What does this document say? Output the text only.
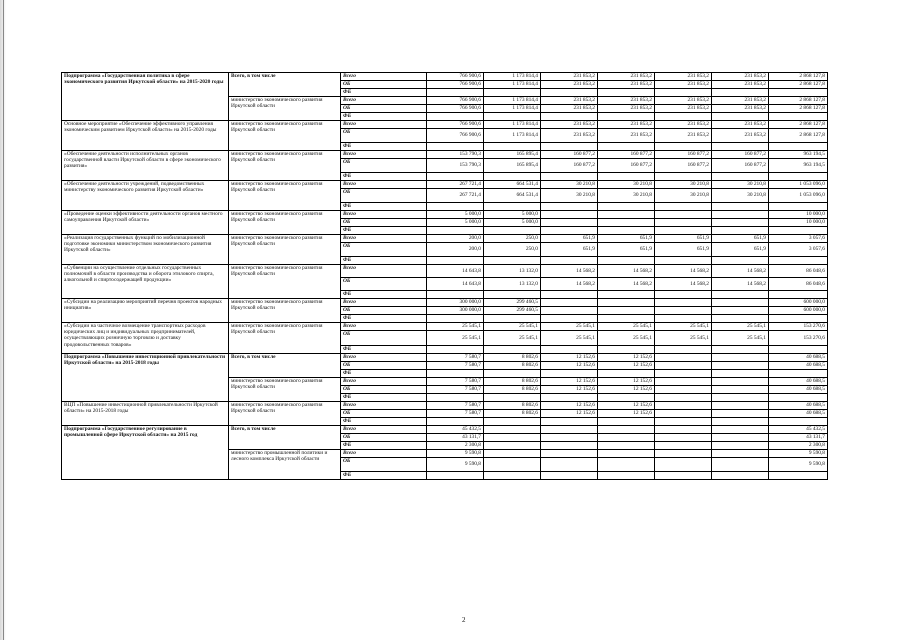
Подпрограмма «Государственная политика в сфере экономического развития Иркутской области» на 2015-2020 годы	Всего, в том числе	Всего	766 900,6	1 173 814,4	231 853,2	231 853,2	231 853,2	231 853,2	2 868 127,8
		ОБ	766 900,6	1 173 814,4	231 853,2	231 853,2	231 853,2	231 853,2	2 868 127,8
		ФБ							
	министерство экономического развития Иркутской области	Всего	766 900,6	1 173 814,4	231 853,2	231 853,2	231 853,2	231 853,2	2 868 127,8
		ОБ	766 900,6	1 173 814,4	231 853,2	231 853,2	231 853,2	231 853,2	2 868 127,8
		ФБ							
Основное мероприятие «Обеспечение эффективного управления экономическим развитием Иркутской области» на 2015-2020 годы	министерство экономического развития Иркутской области	Всего	766 900,6	1 173 814,4	231 853,2	231 853,2	231 853,2	231 853,2	2 868 127,8
		ОБ	766 900,6	1 173 814,4	231 853,2	231 853,2	231 853,2	231 853,2	2 868 127,8
		ФБ							
«Обеспечение деятельности исполнительных органов государственной власти Иркутской области в сфере экономического развития»	министерство экономического развития Иркутской области	Всего	153 790,3	165 895,4	160 877,2	160 877,2	160 877,2	160 877,2	963 194,5
		ОБ	153 790,3	165 895,4	160 877,2	160 877,2	160 877,2	160 877,2	963 194,5
		ФБ							
«Обеспечение деятельности учреждений, подведомственных министерству экономического развития Иркутской области»	министерство экономического развития Иркутской области	Всего	267 721,4	664 531,4	30 210,8	30 210,8	30 210,8	30 210,8	1 053 096,0
		ОБ	267 721,4	664 531,4	30 210,8	30 210,8	30 210,8	30 210,8	1 053 096,0
		ФБ							
«Проведение оценки эффективности деятельности органов местного самоуправления Иркутской области»	министерство экономического развития Иркутской области	Всего	5 000,0	5 000,0					10 000,0
		ОБ	5 000,0	5 000,0					10 000,0
		ФБ							
«Реализация государственных функций по мобилизационной подготовке экономики министерством экономического развития Иркутской области»	министерство экономического развития Иркутской области	Всего	200,0	250,0	651,9	651,9	651,9	651,9	3 057,6
		ОБ	200,0	250,0	651,9	651,9	651,9	651,9	3 057,6
		ФБ							
«Субвенции на осуществление отдельных государственных полномочий в области производства и оборота этилового спирта, алкогольной и спиртосодержащей продукции»	министерство экономического развития Иркутской области	Всего	14 643,8	13 132,0	14 568,2	14 568,2	14 568,2	14 568,2	86 048,6
		ОБ	14 643,8	13 132,0	14 568,2	14 568,2	14 568,2	14 568,2	86 048,6
		ФБ							
«Субсидии на реализацию мероприятий перечня проектов народных инициатив»	министерство экономического развития Иркутской области	Всего	300 000,0	299 460,5					600 000,0
		ОБ	300 000,0	299 460,5					600 000,0
		ФБ							
«Субсидии на частичное возмещение транспортных расходов юридических лиц и индивидуальных предпринимателей, осуществляющих розничную торговлю и доставку продовольственных товаров»	министерство экономического развития Иркутской области	Всего	25 545,1	25 545,1	25 545,1	25 545,1	25 545,1	25 545,1	153 270,6
		ОБ	25 545,1	25 545,1	25 545,1	25 545,1	25 545,1	25 545,1	153 270,6
		ФБ							
Подпрограмма «Повышение инвестиционной привлекательности Иркутской области» на 2015-2018 годы	Всего, в том числе	Всего	7 580,7	8 802,6	12 152,6	12 152,6			40 688,5
		ОБ	7 580,7	8 802,6	12 152,6	12 152,6			40 688,5
		ФБ							
	министерство экономического развития Иркутской области	Всего	7 580,7	8 802,6	12 152,6	12 152,6			40 688,5
		ОБ	7 580,7	8 802,6	12 152,6	12 152,6			40 688,5
		ФБ							
ВЦП «Повышение инвестиционной привлекательности Иркутской области» на 2015-2018 годы	министерство экономического развития Иркутской области	Всего	7 580,7	8 802,6	12 152,6	12 152,6			40 688,5
		ОБ	7 580,7	8 802,6	12 152,6	12 152,6			40 688,5
		ФБ							
Подпрограмма «Государственное регулирование в промышленной сфере Иркутской области» на 2015 год	Всего, в том числе	Всего	45 432,5						45 432,5
		ОБ	43 131,7						43 131,7
		ФБ	2 300,8						2 300,8
	министерство промышленной политики и лесного комплекса Иркутской области	Всего	9 590,8						9 590,8
		ОБ	9 590,8						9 590,8
		ФБ							
2
